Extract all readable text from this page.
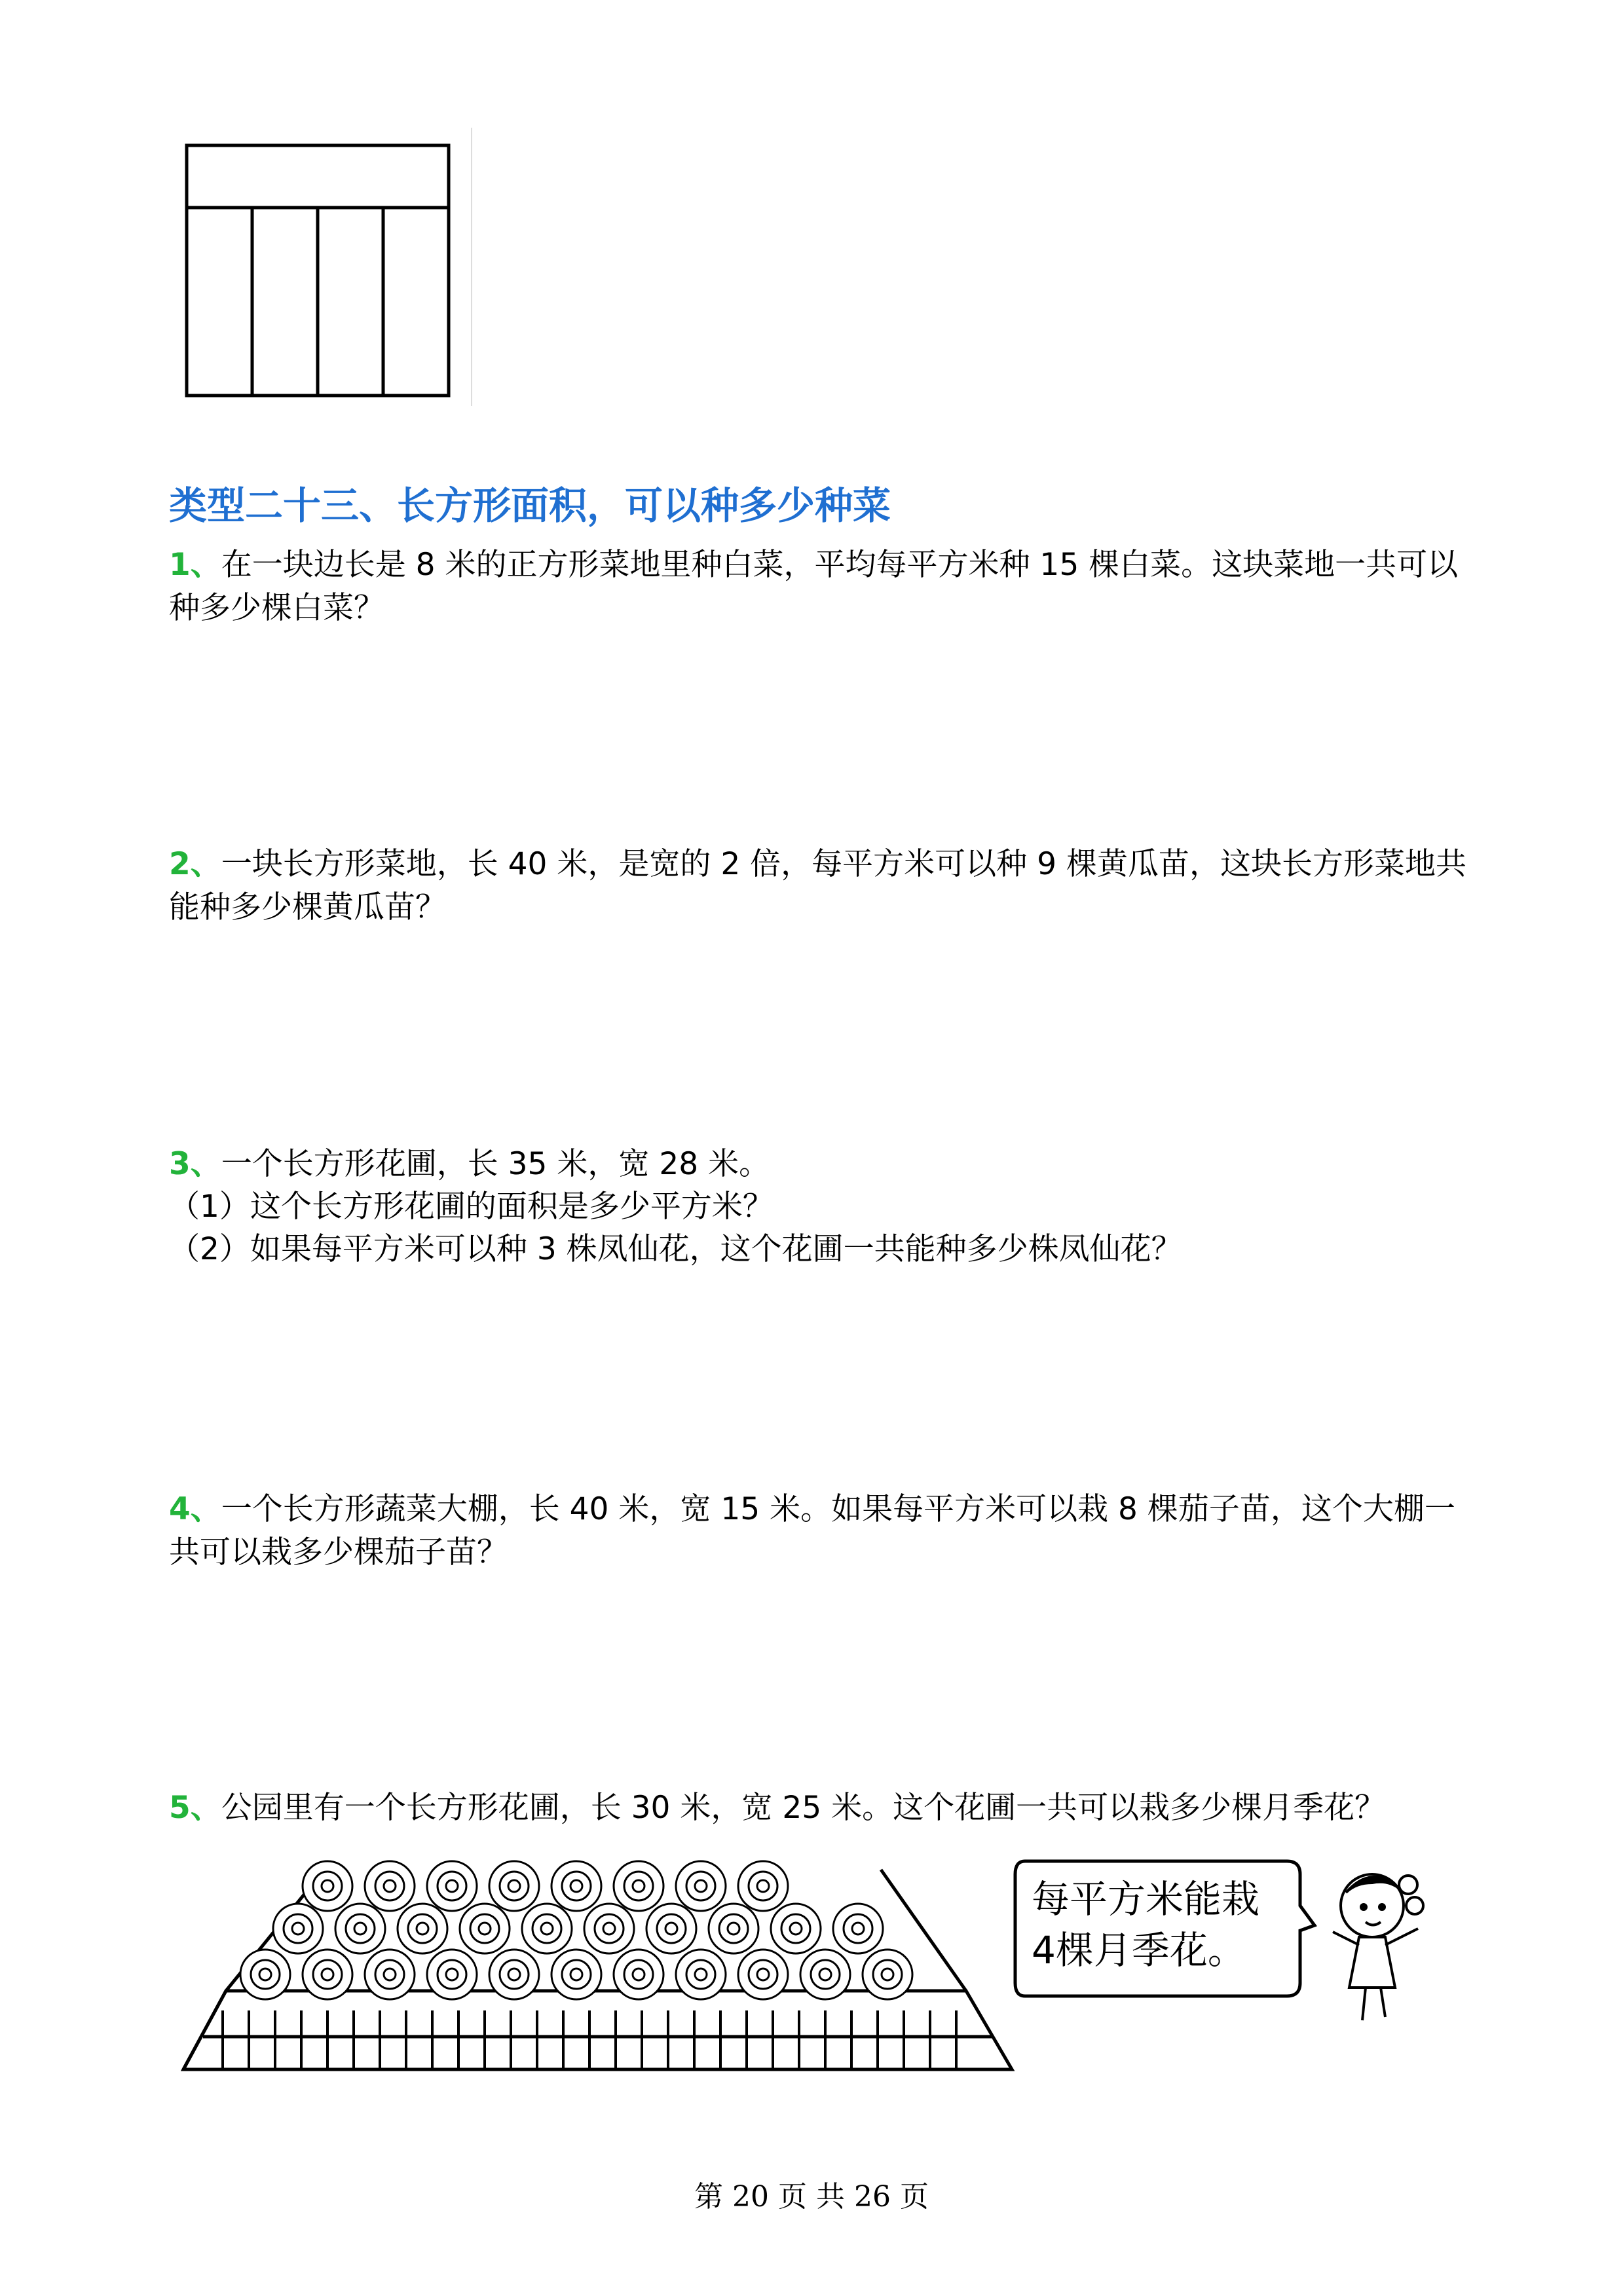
类型二十三、长方形面积，可以种多少种菜
1、在一块边长是 8 米的正方形菜地里种白菜，平均每平方米种 15 棵白菜。这块菜地一共可以种多少棵白菜？
2、一块长方形菜地，长 40 米，是宽的 2 倍，每平方米可以种 9 棵黄瓜苗，这块长方形菜地共能种多少棵黄瓜苗？
3、一个长方形花圃，长 35 米，宽 28 米。
（1）这个长方形花圃的面积是多少平方米？
（2）如果每平方米可以种 3 株凤仙花，这个花圃一共能种多少株凤仙花？
4、一个长方形蔬菜大棚，长 40 米，宽 15 米。如果每平方米可以栽 8 棵茄子苗，这个大棚一共可以栽多少棵茄子苗？
5、公园里有一个长方形花圃，长 30 米，宽 25 米。这个花圃一共可以栽多少棵月季花？
每平方米能栽
4棵月季花。
第 20 页 共 26 页
